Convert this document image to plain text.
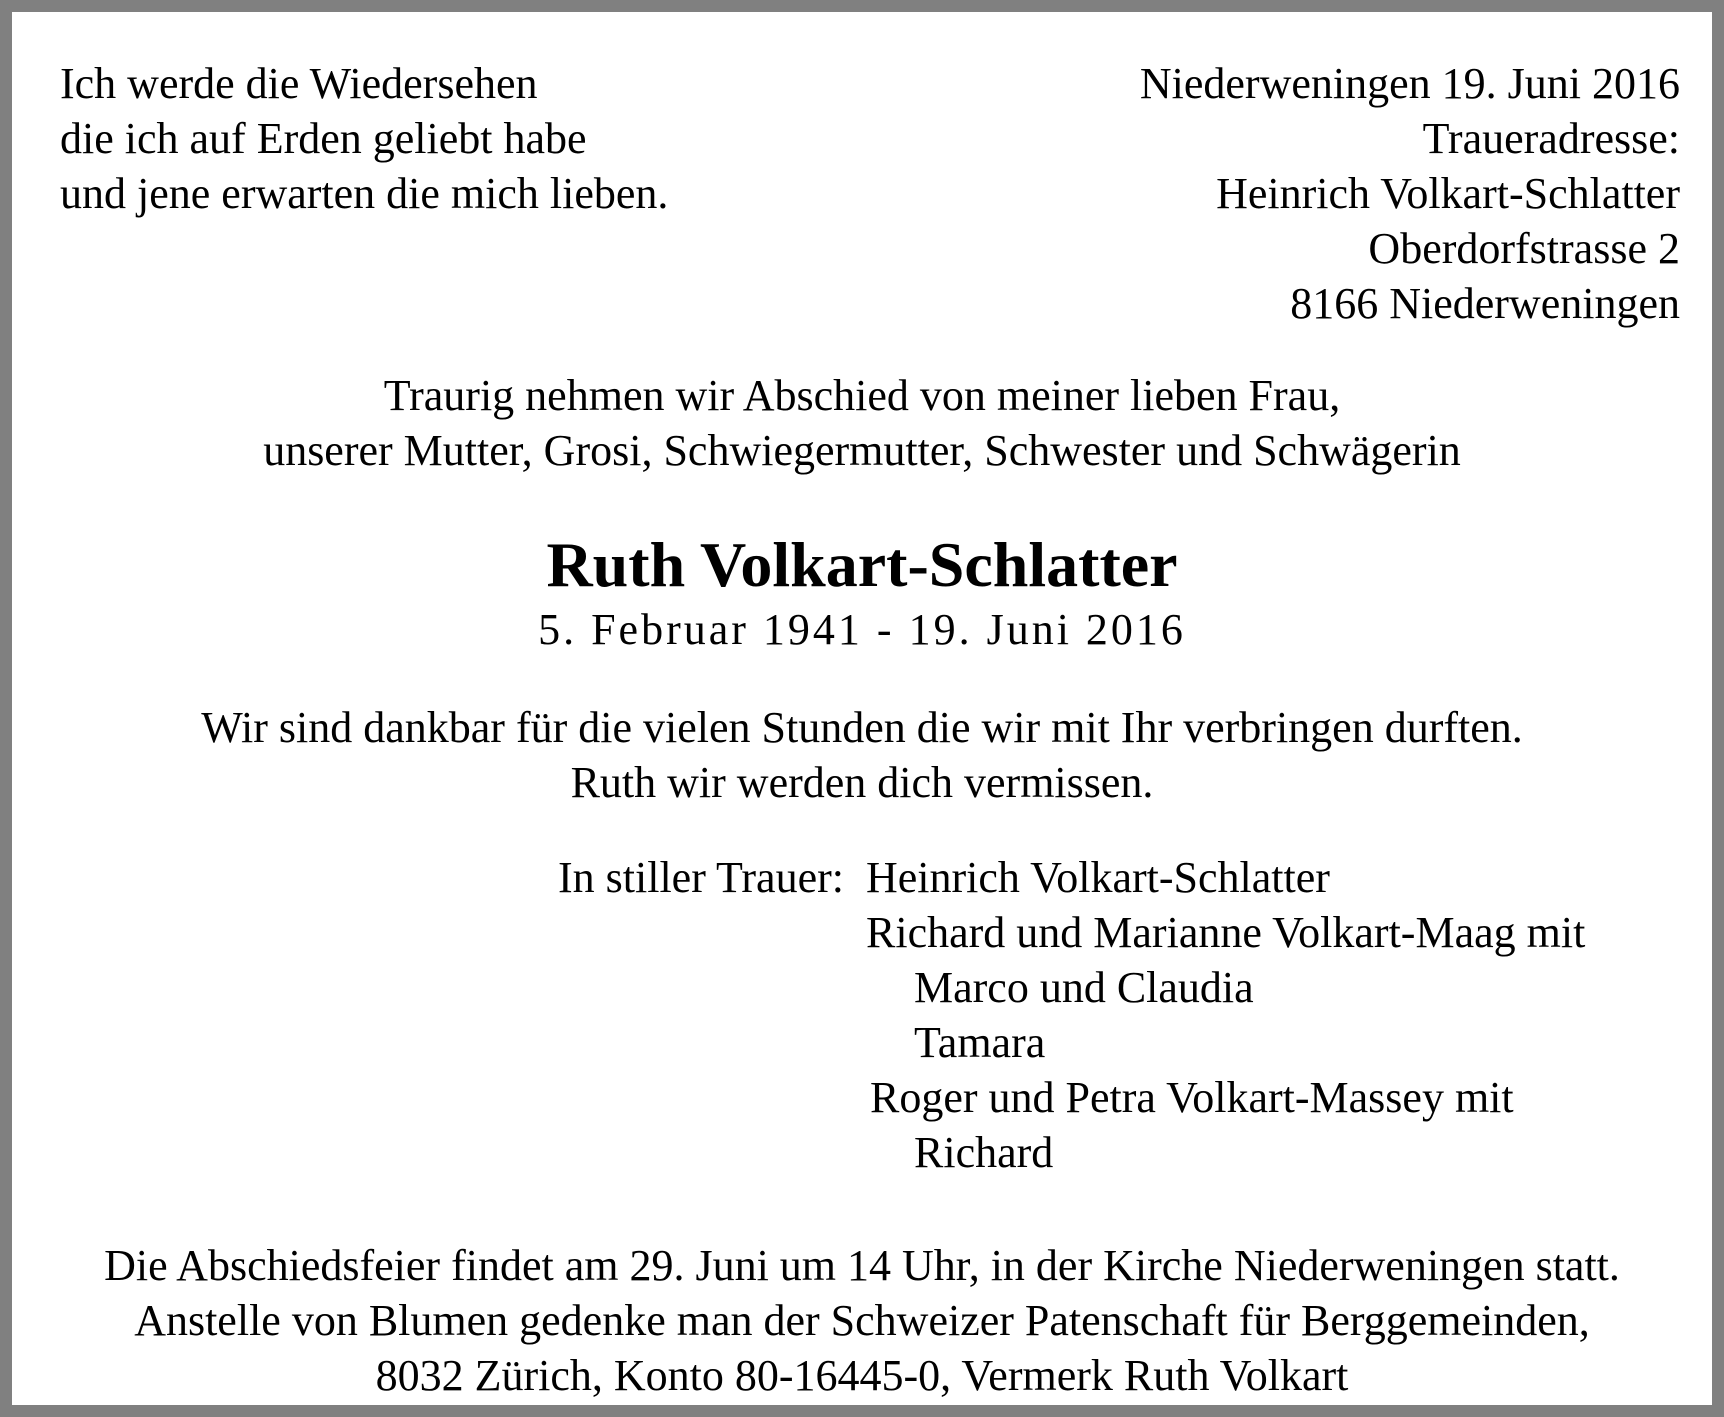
Ich werde die Wiedersehen
die ich auf Erden geliebt habe
und jene erwarten die mich lieben.
Niederweningen 19. Juni 2016
Traueradresse:
Heinrich Volkart-Schlatter
Oberdorfstrasse 2
8166 Niederweningen
Traurig nehmen wir Abschied von meiner lieben Frau,
unserer Mutter, Grosi, Schwiegermutter, Schwester und Schwägerin
Ruth Volkart-Schlatter
5. Februar 1941 - 19. Juni 2016
Wir sind dankbar für die vielen Stunden die wir mit Ihr verbringen durften.
Ruth wir werden dich vermissen.
In stiller Trauer: Heinrich Volkart-Schlatter
Richard und Marianne Volkart-Maag mit
Marco und Claudia
Tamara
Roger und Petra Volkart-Massey mit
Richard
Die Abschiedsfeier findet am 29. Juni um 14 Uhr, in der Kirche Niederweningen statt.
Anstelle von Blumen gedenke man der Schweizer Patenschaft für Berggemeinden,
8032 Zürich, Konto 80-16445-0, Vermerk Ruth Volkart
